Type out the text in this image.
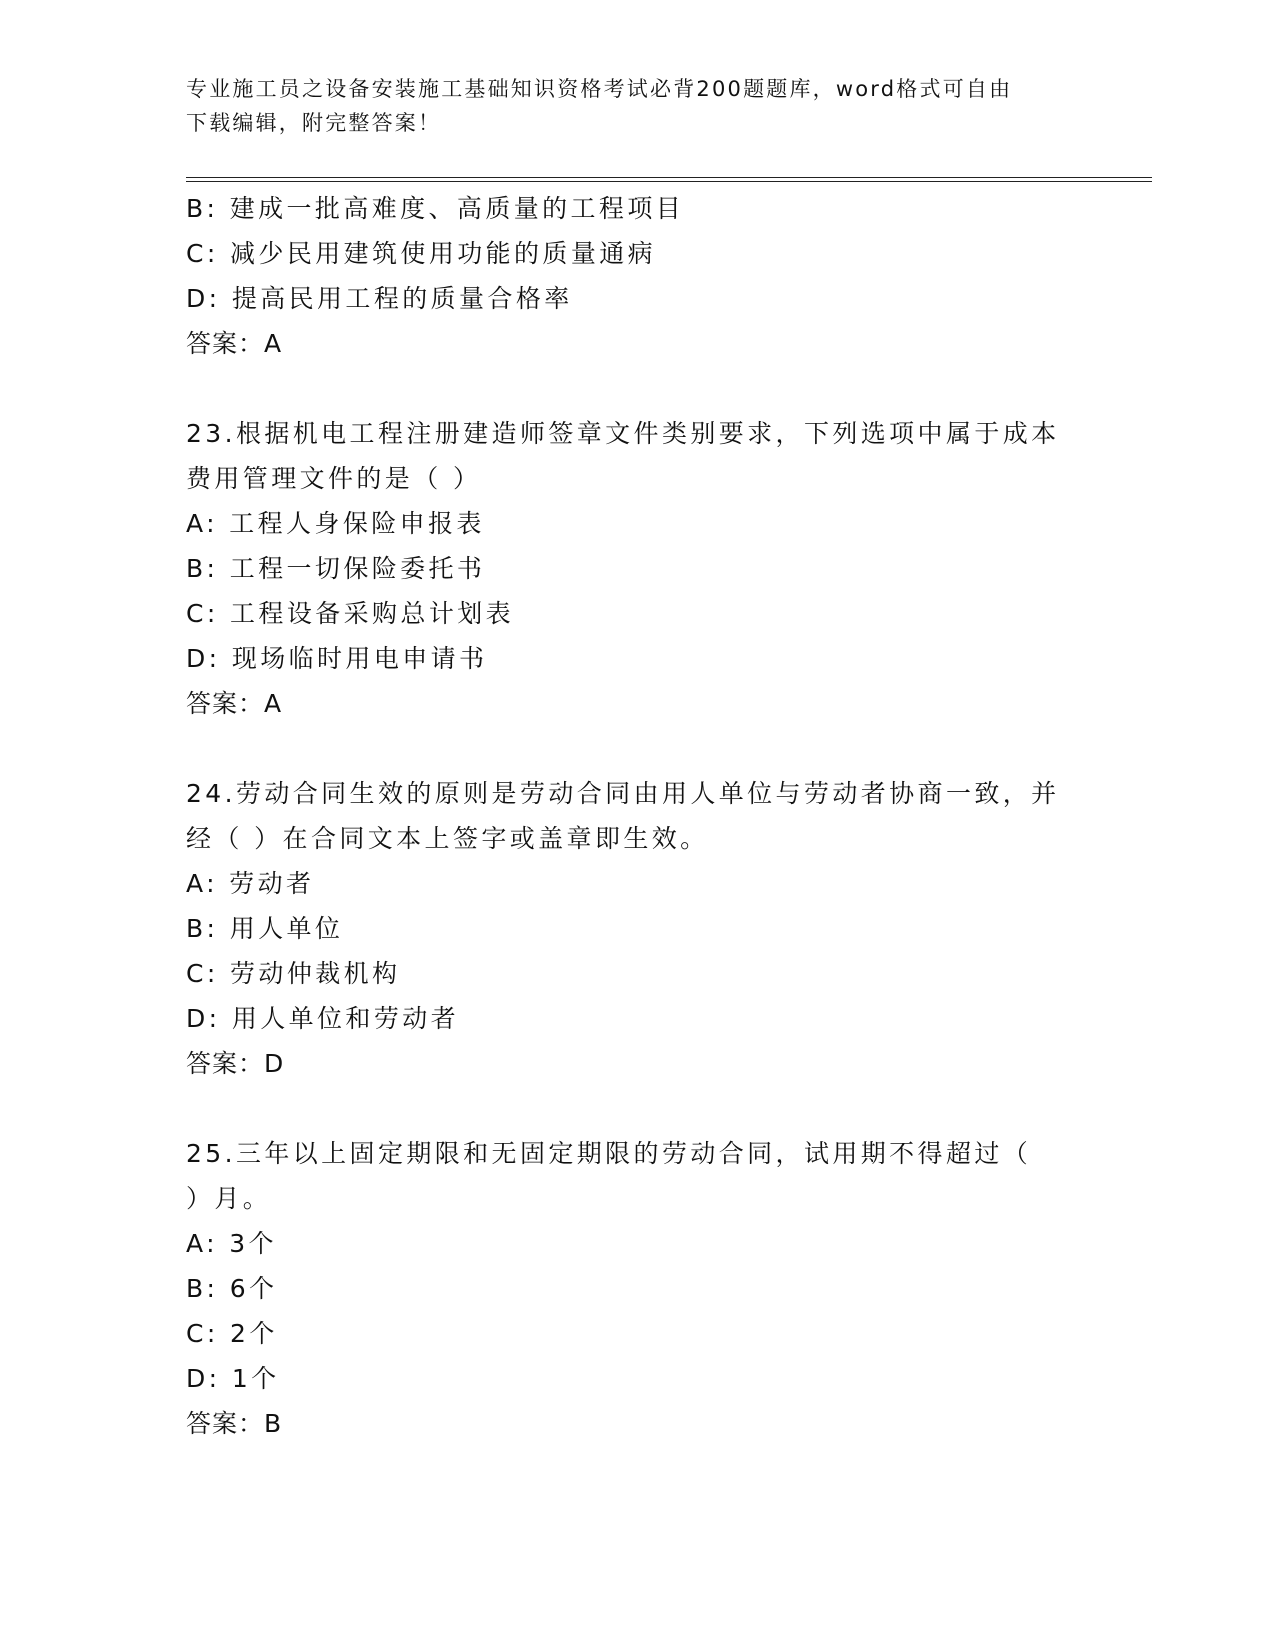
专业施工员之设备安装施工基础知识资格考试必背200题题库，word格式可自由
下载编辑，附完整答案！
B: 建成一批高难度、高质量的工程项目
C: 减少民用建筑使用功能的质量通病
D: 提高民用工程的质量合格率
答案：A
23.根据机电工程注册建造师签章文件类别要求，下列选项中属于成本
费用管理文件的是（ ）
A: 工程人身保险申报表
B: 工程一切保险委托书
C: 工程设备采购总计划表
D: 现场临时用电申请书
答案：A
24.劳动合同生效的原则是劳动合同由用人单位与劳动者协商一致，并
经（ ）在合同文本上签字或盖章即生效。
A: 劳动者
B: 用人单位
C: 劳动仲裁机构
D: 用人单位和劳动者
答案：D
25.三年以上固定期限和无固定期限的劳动合同，试用期不得超过（
）月。
A: 3个
B: 6个
C: 2个
D: 1个
答案：B
